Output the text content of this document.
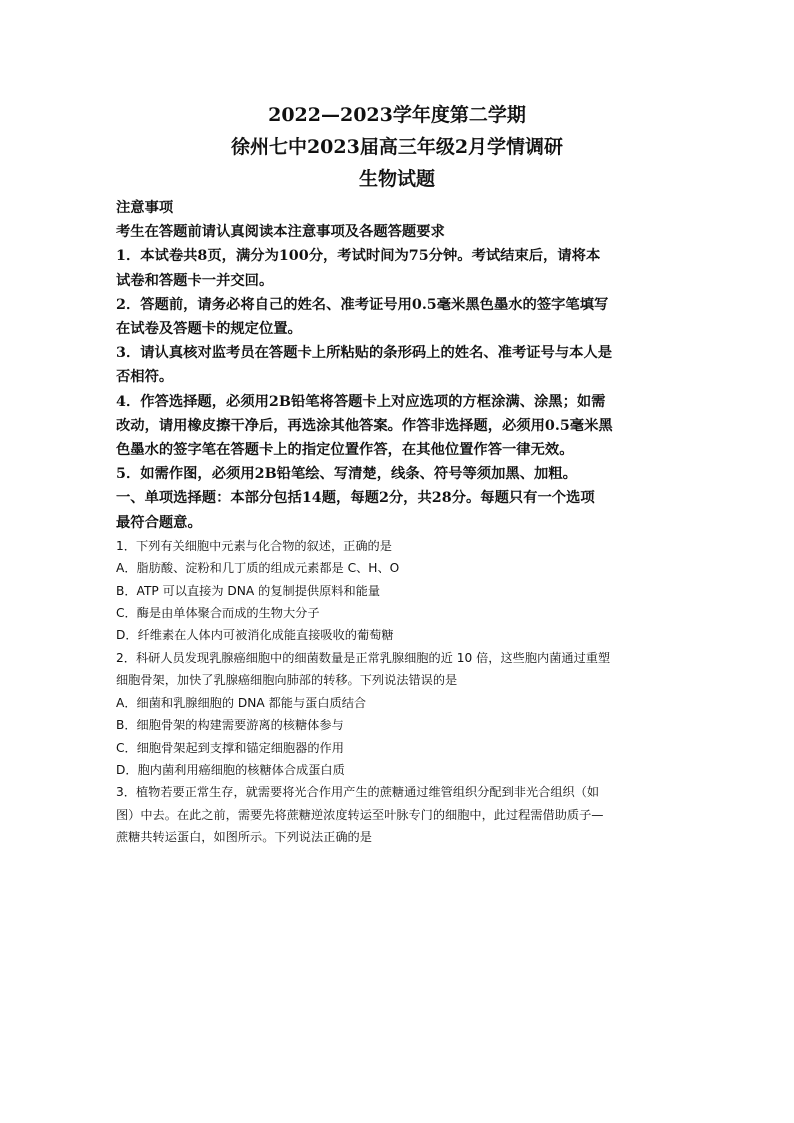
2022—2023学年度第二学期
徐州七中2023届高三年级2月学情调研
生物试题

注意事项

考生在答题前请认真阅读本注意事项及各题答题要求

1．本试卷共8页，满分为100分，考试时间为75分钟。考试结束后，请将本

试卷和答题卡一并交回。

2．答题前，请务必将自己的姓名、准考证号用0.5毫米黑色墨水的签字笔填写

在试卷及答题卡的规定位置。

3．请认真核对监考员在答题卡上所粘贴的条形码上的姓名、准考证号与本人是

否相符。

4．作答选择题，必须用2B铅笔将答题卡上对应选项的方框涂满、涂黑；如需

改动，请用橡皮擦干净后，再选涂其他答案。作答非选择题，必须用0.5毫米黑

色墨水的签字笔在答题卡上的指定位置作答，在其他位置作答一律无效。

5．如需作图，必须用2B铅笔绘、写清楚，线条、符号等须加黑、加粗。

一、单项选择题：本部分包括14题，每题2分，共28分。每题只有一个选项

最符合题意。

1．下列有关细胞中元素与化合物的叙述，正确的是

A．脂肪酸、淀粉和几丁质的组成元素都是 C、H、O

B．ATP 可以直接为 DNA 的复制提供原料和能量

C．酶是由单体聚合而成的生物大分子

D．纤维素在人体内可被消化成能直接吸收的葡萄糖

2．科研人员发现乳腺癌细胞中的细菌数量是正常乳腺细胞的近 10 倍，这些胞内菌通过重塑

细胞骨架，加快了乳腺癌细胞向肺部的转移。下列说法错误的是

A．细菌和乳腺细胞的 DNA 都能与蛋白质结合

B．细胞骨架的构建需要游离的核糖体参与

C．细胞骨架起到支撑和锚定细胞器的作用

D．胞内菌利用癌细胞的核糖体合成蛋白质

3．植物若要正常生存，就需要将光合作用产生的蔗糖通过维管组织分配到非光合组织（如

图）中去。在此之前，需要先将蔗糖逆浓度转运至叶脉专门的细胞中，此过程需借助质子—

蔗糖共转运蛋白，如图所示。下列说法正确的是
